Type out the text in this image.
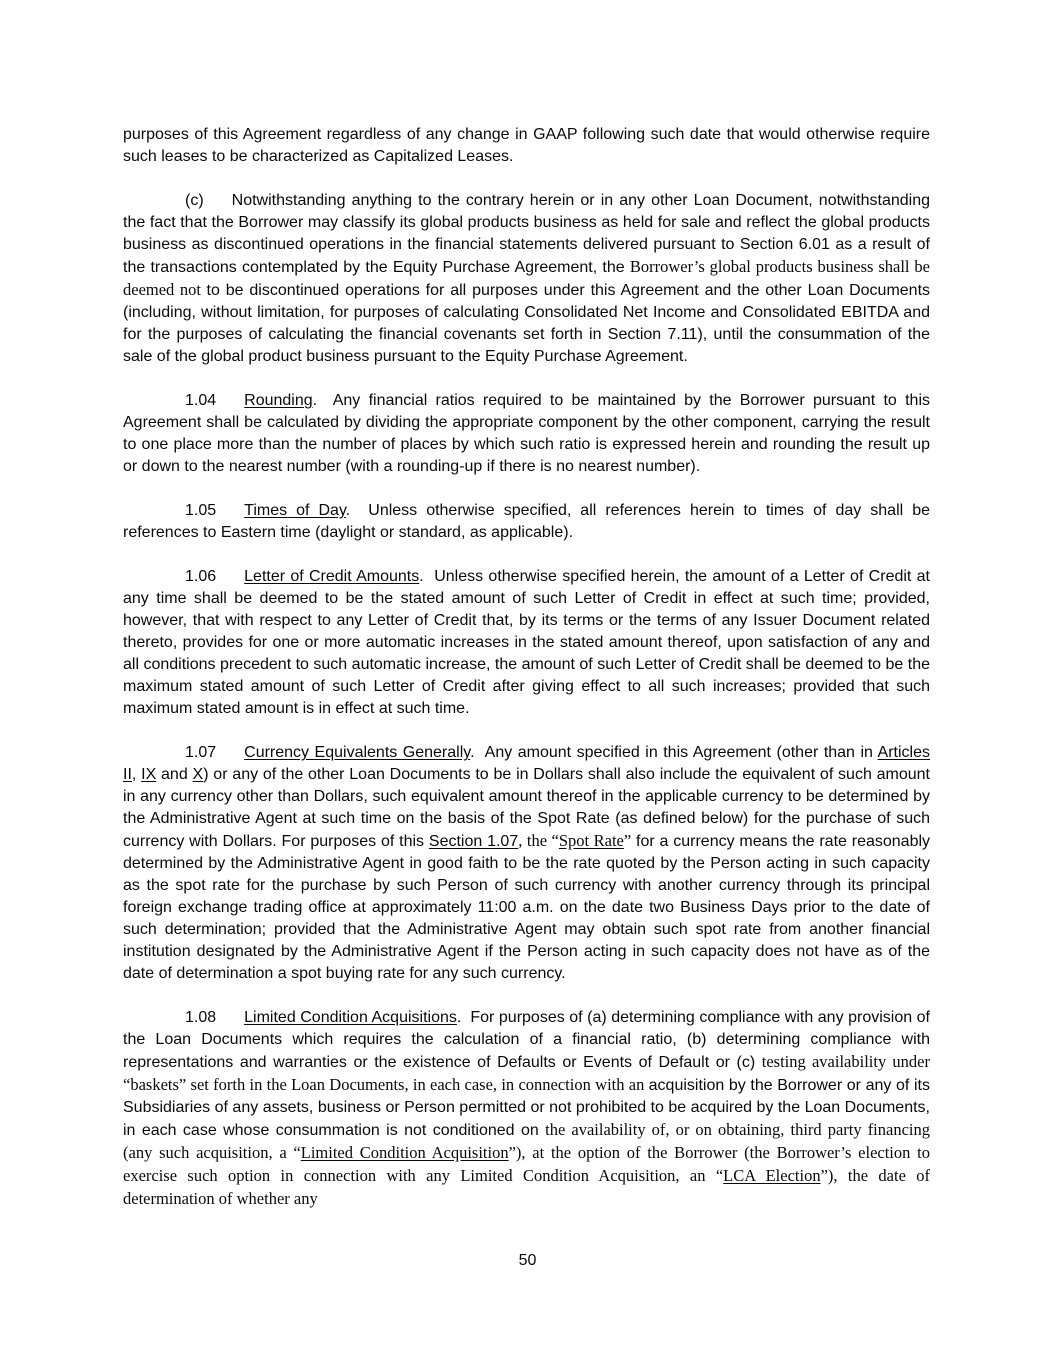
purposes of this Agreement regardless of any change in GAAP following such date that would otherwise require such leases to be characterized as Capitalized Leases.

(c) Notwithstanding anything to the contrary herein or in any other Loan Document, notwithstanding the fact that the Borrower may classify its global products business as held for sale and reflect the global products business as discontinued operations in the financial statements delivered pursuant to Section 6.01 as a result of the transactions contemplated by the Equity Purchase Agreement, the Borrower’s global products business shall be deemed not to be discontinued operations for all purposes under this Agreement and the other Loan Documents (including, without limitation, for purposes of calculating Consolidated Net Income and Consolidated EBITDA and for the purposes of calculating the financial covenants set forth in Section 7.11), until the consummation of the sale of the global product business pursuant to the Equity Purchase Agreement.

1.04 Rounding.  Any financial ratios required to be maintained by the Borrower pursuant to this Agreement shall be calculated by dividing the appropriate component by the other component, carrying the result to one place more than the number of places by which such ratio is expressed herein and rounding the result up or down to the nearest number (with a rounding-up if there is no nearest number).

1.05 Times of Day.  Unless otherwise specified, all references herein to times of day shall be references to Eastern time (daylight or standard, as applicable).

1.06 Letter of Credit Amounts.  Unless otherwise specified herein, the amount of a Letter of Credit at any time shall be deemed to be the stated amount of such Letter of Credit in effect at such time; provided, however, that with respect to any Letter of Credit that, by its terms or the terms of any Issuer Document related thereto, provides for one or more automatic increases in the stated amount thereof, upon satisfaction of any and all conditions precedent to such automatic increase, the amount of such Letter of Credit shall be deemed to be the maximum stated amount of such Letter of Credit after giving effect to all such increases; provided that such maximum stated amount is in effect at such time.

1.07 Currency Equivalents Generally.  Any amount specified in this Agreement (other than in Articles II, IX and X) or any of the other Loan Documents to be in Dollars shall also include the equivalent of such amount in any currency other than Dollars, such equivalent amount thereof in the applicable currency to be determined by the Administrative Agent at such time on the basis of the Spot Rate (as defined below) for the purchase of such currency with Dollars. For purposes of this Section 1.07, the “Spot Rate” for a currency means the rate reasonably determined by the Administrative Agent in good faith to be the rate quoted by the Person acting in such capacity as the spot rate for the purchase by such Person of such currency with another currency through its principal foreign exchange trading office at approximately 11:00 a.m. on the date two Business Days prior to the date of such determination; provided that the Administrative Agent may obtain such spot rate from another financial institution designated by the Administrative Agent if the Person acting in such capacity does not have as of the date of determination a spot buying rate for any such currency.

1.08 Limited Condition Acquisitions.  For purposes of (a) determining compliance with any provision of the Loan Documents which requires the calculation of a financial ratio, (b) determining compliance with representations and warranties or the existence of Defaults or Events of Default or (c) testing availability under “baskets” set forth in the Loan Documents, in each case, in connection with an acquisition by the Borrower or any of its Subsidiaries of any assets, business or Person permitted or not prohibited to be acquired by the Loan Documents, in each case whose consummation is not conditioned on the availability of, or on obtaining, third party financing (any such acquisition, a “Limited Condition Acquisition”), at the option of the Borrower (the Borrower’s election to exercise such option in connection with any Limited Condition Acquisition, an “LCA Election”), the date of determination of whether any

50
